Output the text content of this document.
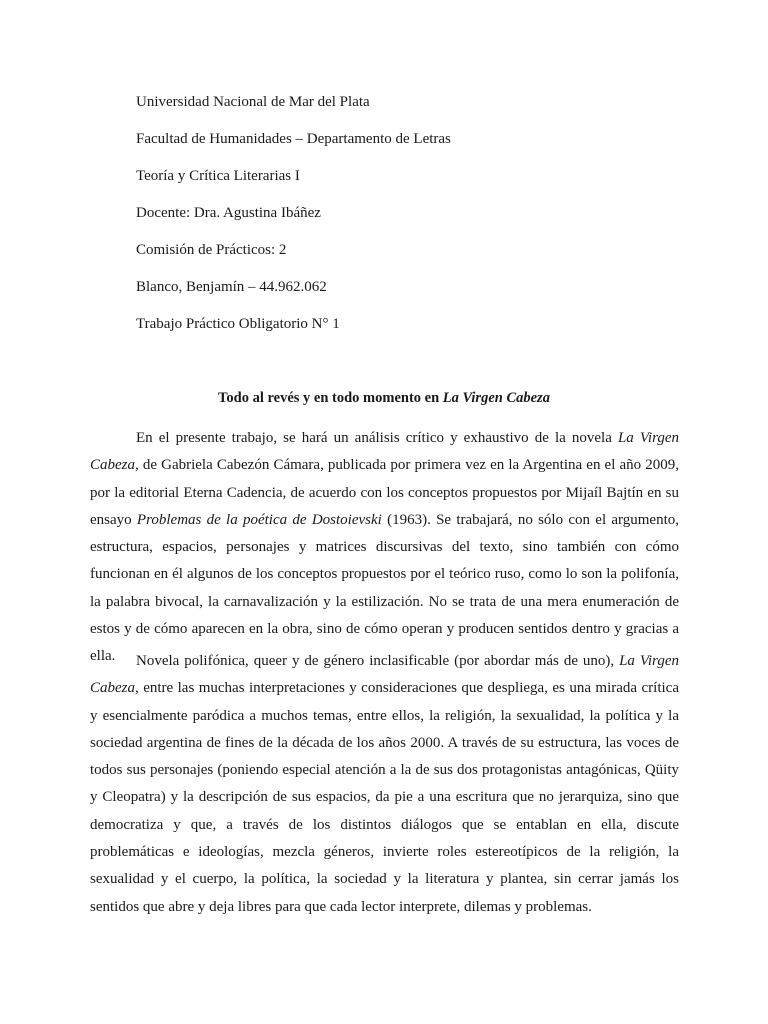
Universidad Nacional de Mar del Plata
Facultad de Humanidades – Departamento de Letras
Teoría y Crítica Literarias I
Docente: Dra. Agustina Ibáñez
Comisión de Prácticos: 2
Blanco, Benjamín – 44.962.062
Trabajo Práctico Obligatorio N° 1
Todo al revés y en todo momento en La Virgen Cabeza

En el presente trabajo, se hará un análisis crítico y exhaustivo de la novela La Virgen Cabeza, de Gabriela Cabezón Cámara, publicada por primera vez en la Argentina en el año 2009, por la editorial Eterna Cadencia, de acuerdo con los conceptos propuestos por Mijaíl Bajtín en su ensayo Problemas de la poética de Dostoievski (1963). Se trabajará, no sólo con el argumento, estructura, espacios, personajes y matrices discursivas del texto, sino también con cómo funcionan en él algunos de los conceptos propuestos por el teórico ruso, como lo son la polifonía, la palabra bivocal, la carnavalización y la estilización. No se trata de una mera enumeración de estos y de cómo aparecen en la obra, sino de cómo operan y producen sentidos dentro y gracias a ella.	Novela polifónica, queer y de género inclasificable (por abordar más de uno), La Virgen Cabeza, entre las muchas interpretaciones y consideraciones que despliega, es una mirada crítica y esencialmente paródica a muchos temas, entre ellos, la religión, la sexualidad, la política y la sociedad argentina de fines de la década de los años 2000. A través de su estructura, las voces de todos sus personajes (poniendo especial atención a la de sus dos protagonistas antagónicas, Qüity y Cleopatra) y la descripción de sus espacios, da pie a una escritura que no jerarquiza, sino que democratiza y que, a través de los distintos diálogos que se entablan en ella, discute problemáticas e ideologías, mezcla géneros, invierte roles estereotípicos de la religión, la sexualidad y el cuerpo, la política, la sociedad y la literatura y plantea, sin cerrar jamás los sentidos que abre y deja libres para que cada lector interprete, dilemas y problemas.
